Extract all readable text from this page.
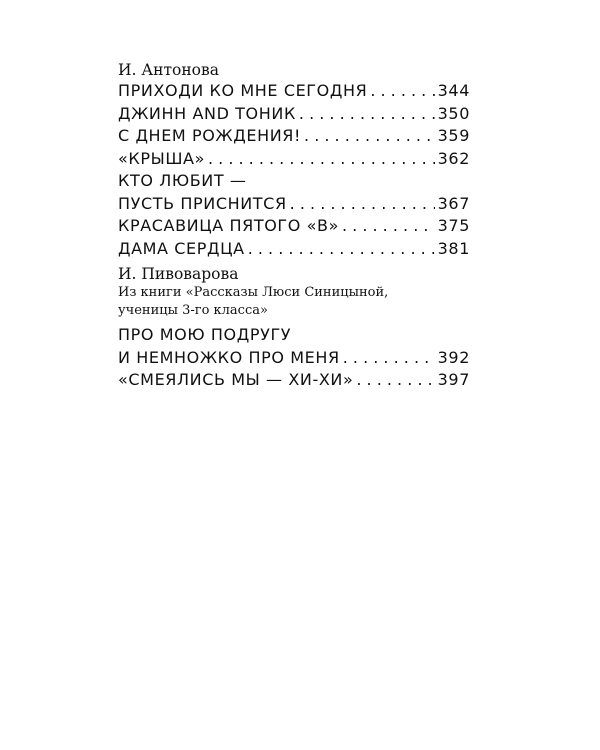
И. Антонова

ПРИХОДИ КО МНЕ СЕГОДНЯ . . .	344
ДЖИНН AND ТОНИК . . .	350
С ДНЕМ РОЖДЕНИЯ! . . .	359
«КРЫША» . . .	362
КТО ЛЮБИТ —
ПУСТЬ ПРИСНИТСЯ . . .	367
КРАСАВИЦА ПЯТОГО «В» . . .	375
ДАМА СЕРДЦА . . .	381

И. Пивоварова

Из книги «Рассказы Люси Синицыной,

ученицы 3-го класса»

ПРО МОЮ ПОДРУГУ
И НЕМНОЖКО ПРО МЕНЯ . . .	392
«СМЕЯЛИСЬ МЫ — ХИ-ХИ» . . .	397
